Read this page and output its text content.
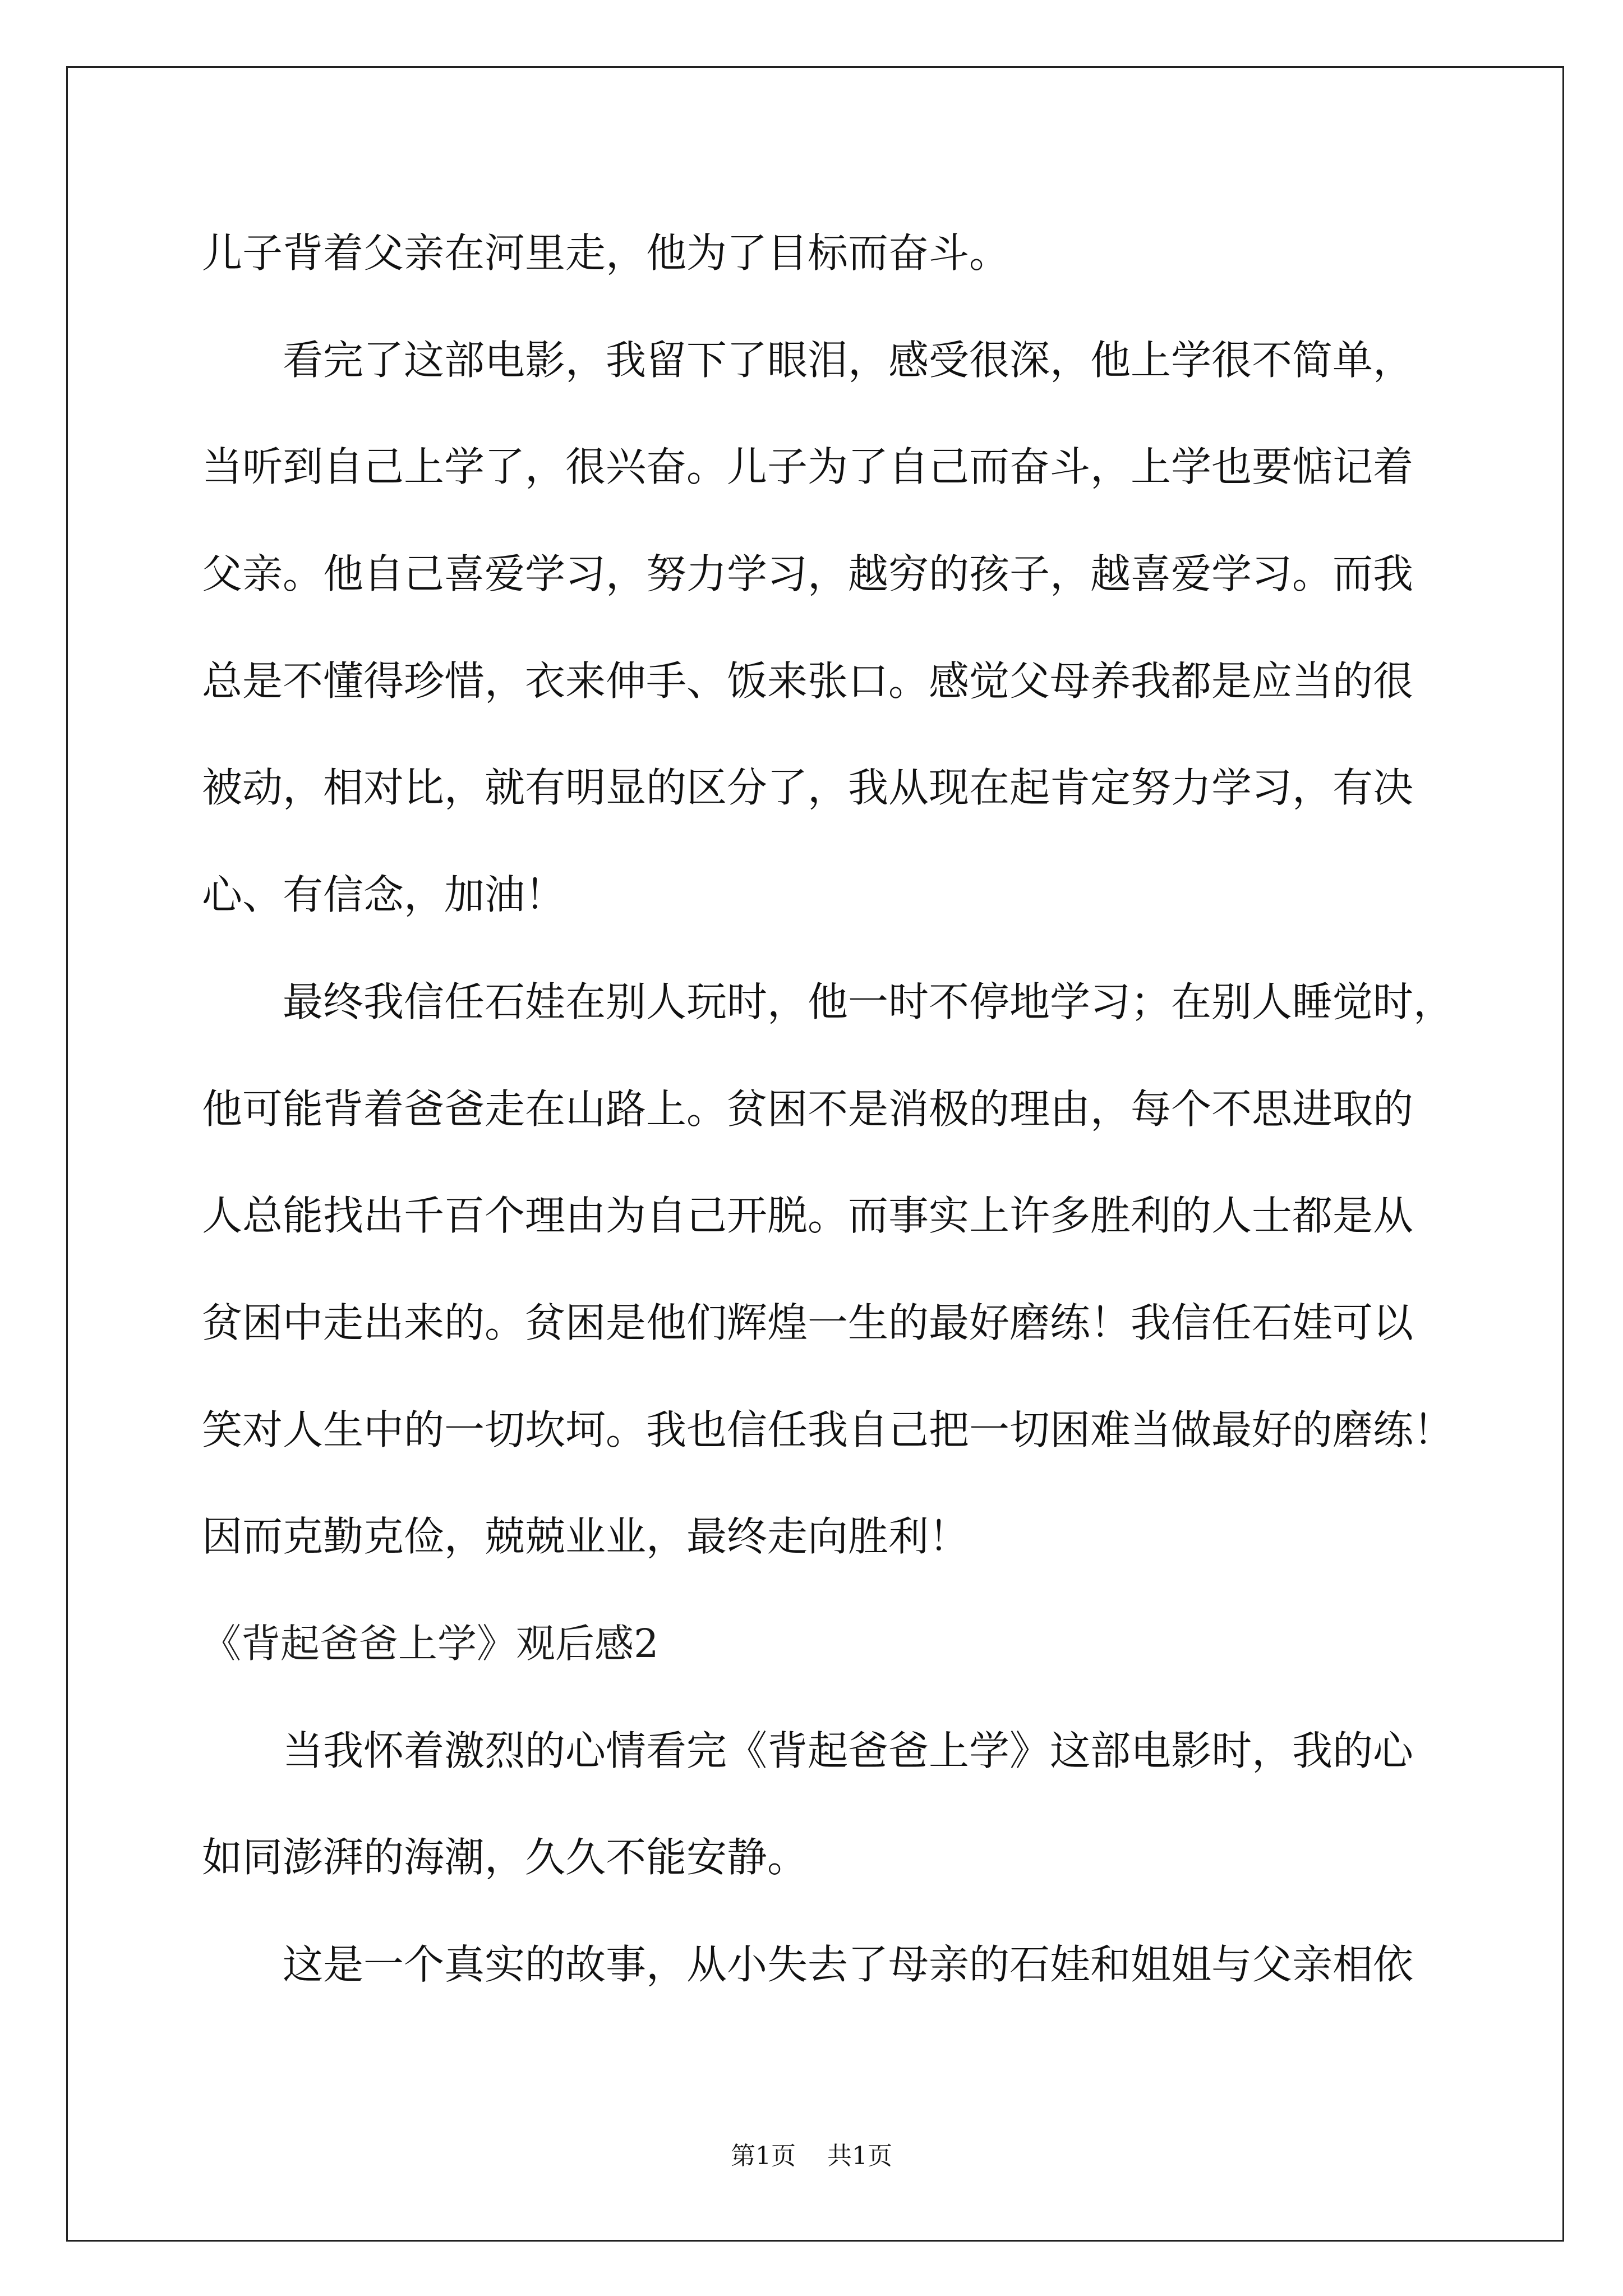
儿子背着父亲在河里走，他为了目标而奋斗。
看完了这部电影，我留下了眼泪，感受很深，他上学很不简单，
当听到自己上学了，很兴奋。儿子为了自己而奋斗，上学也要惦记着
父亲。他自己喜爱学习，努力学习，越穷的孩子，越喜爱学习。而我
总是不懂得珍惜，衣来伸手、饭来张口。感觉父母养我都是应当的很
被动，相对比，就有明显的区分了，我从现在起肯定努力学习，有决
心、有信念，加油！
最终我信任石娃在别人玩时，他一时不停地学习；在别人睡觉时，
他可能背着爸爸走在山路上。贫困不是消极的理由，每个不思进取的
人总能找出千百个理由为自己开脱。而事实上许多胜利的人士都是从
贫困中走出来的。贫困是他们辉煌一生的最好磨练！我信任石娃可以
笑对人生中的一切坎坷。我也信任我自己把一切困难当做最好的磨练！
因而克勤克俭，兢兢业业，最终走向胜利！
《背起爸爸上学》观后感2
当我怀着激烈的心情看完《背起爸爸上学》这部电影时，我的心
如同澎湃的海潮，久久不能安静。
这是一个真实的故事，从小失去了母亲的石娃和姐姐与父亲相依
第1页 共1页
